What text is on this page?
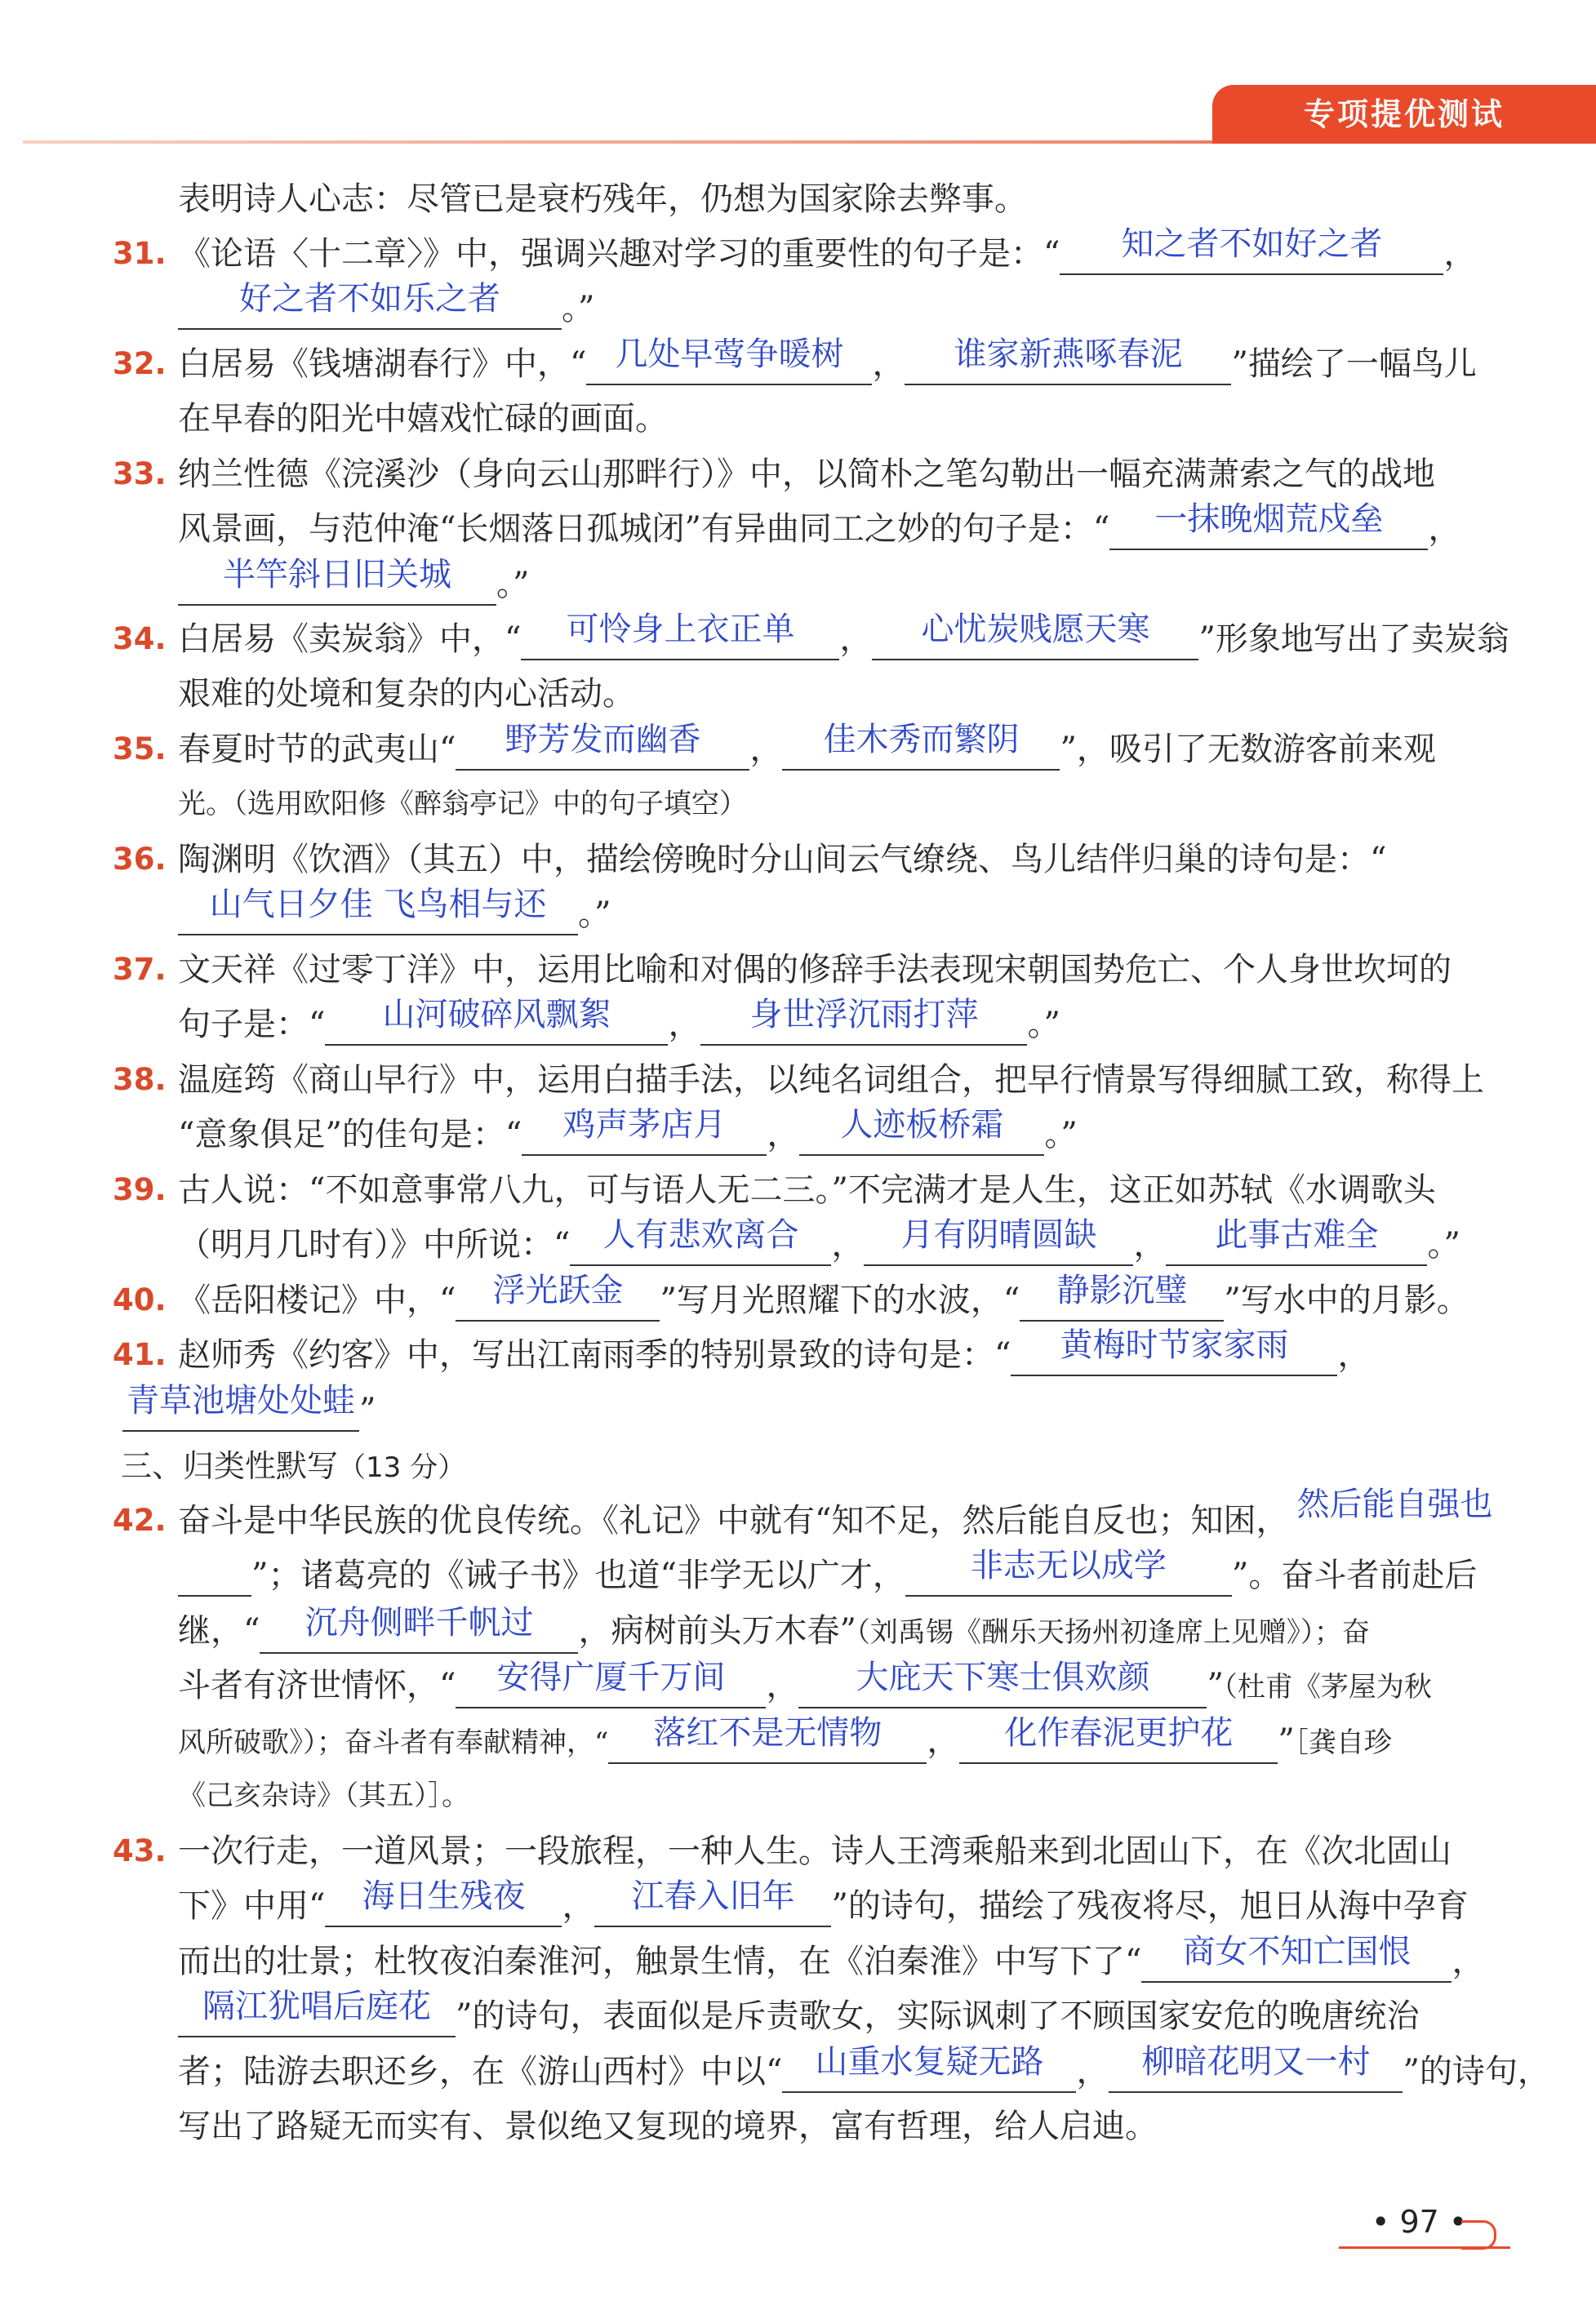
专项提优测试
表明诗人心志：尽管已是衰朽残年，仍想为国家除去弊事。
31. 《论语〈十二章〉》中，强调兴趣对学习的重要性的句子是：“	知之者不如好之者	，
好之者不如乐之者	。”
32. 白居易《钱塘湖春行》中，“ 几处早莺争暖树 ，	谁家新燕啄春泥	”描绘了一幅鸟儿
在早春的阳光中嬉戏忙碌的画面。
33. 纳兰性德《浣溪沙（身向云山那畔行）》中，以简朴之笔勾勒出一幅充满萧索之气的战地
风景画，与范仲淹“长烟落日孤城闭”有异曲同工之妙的句子是：“	一抹晚烟荒戍垒	，
半竿斜日旧关城	。”
34. 白居易《卖炭翁》中，“	可怜身上衣正单	，	心忧炭贱愿天寒	”形象地写出了卖炭翁
艰难的处境和复杂的内心活动。
35. 春夏时节的武夷山“	野芳发而幽香	，	佳木秀而繁阴	”，吸引了无数游客前来观
光。（选用欧阳修《醉翁亭记》中的句子填空）
36. 陶渊明《饮酒》（其五）中，描绘傍晚时分山间云气缭绕、鸟儿结伴归巢的诗句是：“
山气日夕佳 飞鸟相与还 。”
37. 文天祥《过零丁洋》中，运用比喻和对偶的修辞手法表现宋朝国势危亡、个人身世坎坷的
句子是：“	山河破碎风飘絮	，	身世浮沉雨打萍	。”
38. 温庭筠《商山早行》中，运用白描手法，以纯名词组合，把早行情景写得细腻工致，称得上
“意象俱足”的佳句是：“	鸡声茅店月	，	人迹板桥霜	。”
39. 古人说：“不如意事常八九，可与语人无二三。”不完满才是人生，这正如苏轼《水调歌头
（明月几时有）》中所说：“	人有悲欢离合	，	月有阴晴圆缺	，	此事古难全	。”
40. 《岳阳楼记》中，“	浮光跃金	”写月光照耀下的水波，“	静影沉璧	”写水中的月影。
41. 赵师秀《约客》中，写出江南雨季的特别景致的诗句是：“	黄梅时节家家雨	，
青草池塘处处蛙 ”
三、归类性默写（13 分）
42. 奋斗是中华民族的优良传统。《礼记》中就有“知不足，然后能自反也；知困， 然后能自强也
”；诸葛亮的《诫子书》也道“非学无以广才，	非志无以成学	”。奋斗者前赴后
继，“	沉舟侧畔千帆过	，病树前头万木春”（刘禹锡《酬乐天扬州初逢席上见赠》）；奋
斗者有济世情怀，“	安得广厦千万间	，	大庇天下寒士俱欢颜	”（杜甫《茅屋为秋
风所破歌》）；奋斗者有奉献精神，“	落红不是无情物	，	化作春泥更护花	”［龚自珍
《己亥杂诗》（其五）］。
43. 一次行走，一道风景；一段旅程，一种人生。诗人王湾乘船来到北固山下，在《次北固山
下》中用“	海日生残夜	，	江春入旧年	”的诗句，描绘了残夜将尽，旭日从海中孕育
而出的壮景；杜牧夜泊秦淮河，触景生情，在《泊秦淮》中写下了“	商女不知亡国恨	，
隔江犹唱后庭花 ”的诗句，表面似是斥责歌女，实际讽刺了不顾国家安危的晚唐统治
者；陆游去职还乡，在《游山西村》中以“	山重水复疑无路	，	柳暗花明又一村	”的诗句，
写出了路疑无而实有、景似绝又复现的境界，富有哲理，给人启迪。
• 97 •
